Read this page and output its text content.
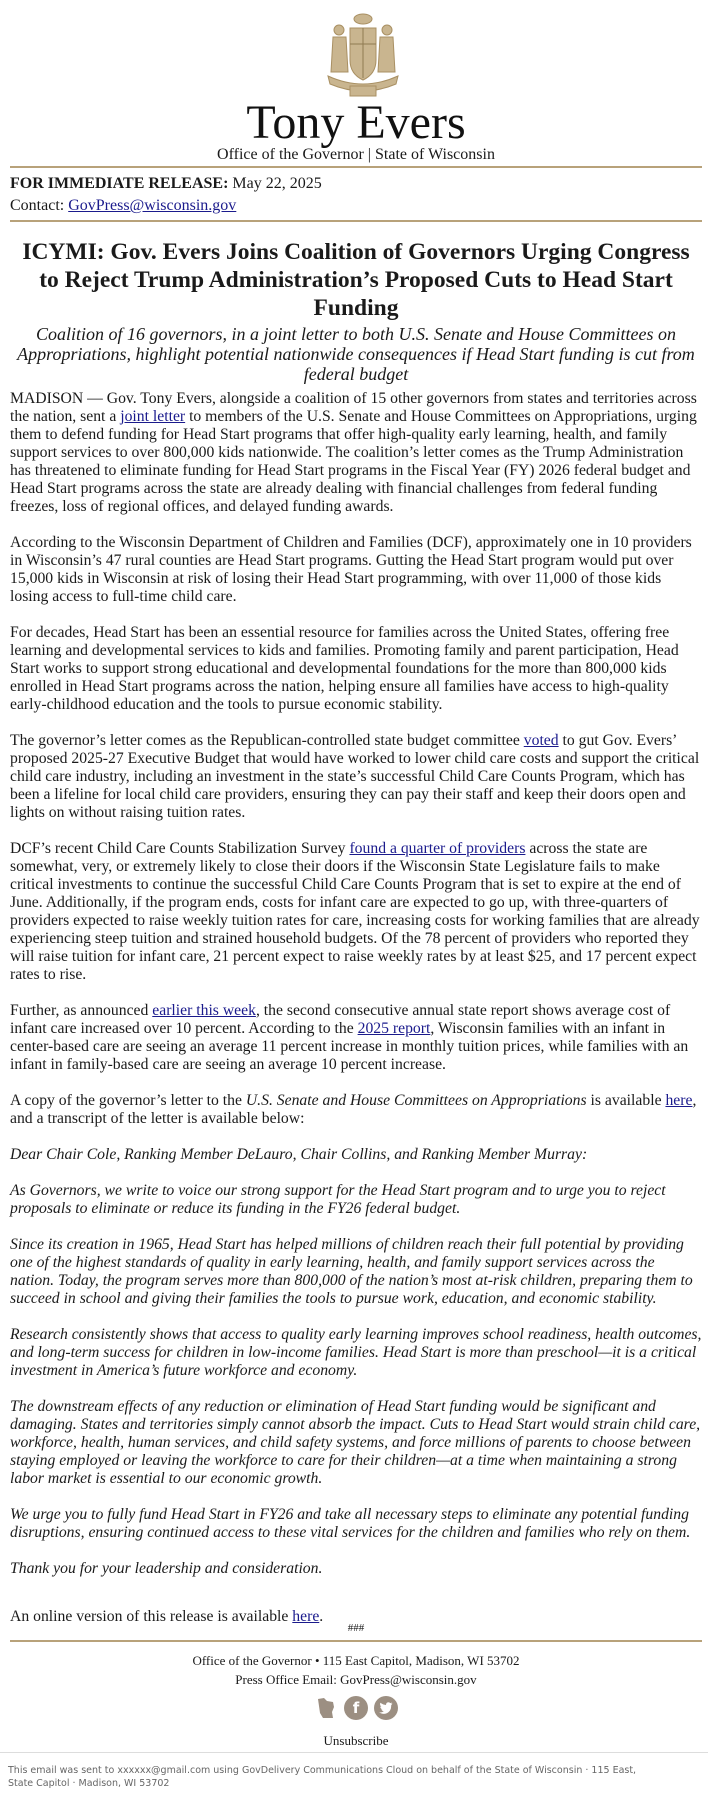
Tony Evers
Office of the Governor | State of Wisconsin
FOR IMMEDIATE RELEASE: May 22, 2025
Contact: GovPress@wisconsin.gov
ICYMI: Gov. Evers Joins Coalition of Governors Urging Congress to Reject Trump Administration’s Proposed Cuts to Head Start Funding
Coalition of 16 governors, in a joint letter to both U.S. Senate and House Committees on Appropriations, highlight potential nationwide consequences if Head Start funding is cut from federal budget

MADISON — Gov. Tony Evers, alongside a coalition of 15 other governors from states and territories across the nation, sent a joint letter to members of the U.S. Senate and House Committees on Appropriations, urging them to defend funding for Head Start programs that offer high-quality early learning, health, and family support services to over 800,000 kids nationwide. The coalition’s letter comes as the Trump Administration has threatened to eliminate funding for Head Start programs in the Fiscal Year (FY) 2026 federal budget and Head Start programs across the state are already dealing with financial challenges from federal funding freezes, loss of regional offices, and delayed funding awards.

According to the Wisconsin Department of Children and Families (DCF), approximately one in 10 providers in Wisconsin’s 47 rural counties are Head Start programs. Gutting the Head Start program would put over 15,000 kids in Wisconsin at risk of losing their Head Start programming, with over 11,000 of those kids losing access to full-time child care.

For decades, Head Start has been an essential resource for families across the United States, offering free learning and developmental services to kids and families. Promoting family and parent participation, Head Start works to support strong educational and developmental foundations for the more than 800,000 kids enrolled in Head Start programs across the nation, helping ensure all families have access to high-quality early-childhood education and the tools to pursue economic stability.

The governor’s letter comes as the Republican-controlled state budget committee voted to gut Gov. Evers’ proposed 2025-27 Executive Budget that would have worked to lower child care costs and support the critical child care industry, including an investment in the state’s successful Child Care Counts Program, which has been a lifeline for local child care providers, ensuring they can pay their staff and keep their doors open and lights on without raising tuition rates.

DCF’s recent Child Care Counts Stabilization Survey found a quarter of providers across the state are somewhat, very, or extremely likely to close their doors if the Wisconsin State Legislature fails to make critical investments to continue the successful Child Care Counts Program that is set to expire at the end of June. Additionally, if the program ends, costs for infant care are expected to go up, with three-quarters of providers expected to raise weekly tuition rates for care, increasing costs for working families that are already experiencing steep tuition and strained household budgets. Of the 78 percent of providers who reported they will raise tuition for infant care, 21 percent expect to raise weekly rates by at least $25, and 17 percent expect rates to rise.

Further, as announced earlier this week, the second consecutive annual state report shows average cost of infant care increased over 10 percent. According to the 2025 report, Wisconsin families with an infant in center-based care are seeing an average 11 percent increase in monthly tuition prices, while families with an infant in family-based care are seeing an average 10 percent increase.

A copy of the governor’s letter to the U.S. Senate and House Committees on Appropriations is available here, and a transcript of the letter is available below:

Dear Chair Cole, Ranking Member DeLauro, Chair Collins, and Ranking Member Murray:

As Governors, we write to voice our strong support for the Head Start program and to urge you to reject proposals to eliminate or reduce its funding in the FY26 federal budget.

Since its creation in 1965, Head Start has helped millions of children reach their full potential by providing one of the highest standards of quality in early learning, health, and family support services across the nation. Today, the program serves more than 800,000 of the nation’s most at-risk children, preparing them to succeed in school and giving their families the tools to pursue work, education, and economic stability.

Research consistently shows that access to quality early learning improves school readiness, health outcomes, and long-term success for children in low-income families. Head Start is more than preschool—it is a critical investment in America’s future workforce and economy.

The downstream effects of any reduction or elimination of Head Start funding would be significant and damaging. States and territories simply cannot absorb the impact. Cuts to Head Start would strain child care, workforce, health, human services, and child safety systems, and force millions of parents to choose between staying employed or leaving the workforce to care for their children—at a time when maintaining a strong labor market is essential to our economic growth.

We urge you to fully fund Head Start in FY26 and take all necessary steps to eliminate any potential funding disruptions, ensuring continued access to these vital services for the children and families who rely on them.

Thank you for your leadership and consideration.

An online version of this release is available here.

###
Office of the Governor • 115 East Capitol, Madison, WI 53702
Press Office Email: GovPress@wisconsin.gov
f
Unsubscribe
This email was sent to xxxxxx@gmail.com using GovDelivery Communications Cloud on behalf of the State of Wisconsin · 115 East, State Capitol · Madison, WI 53702
